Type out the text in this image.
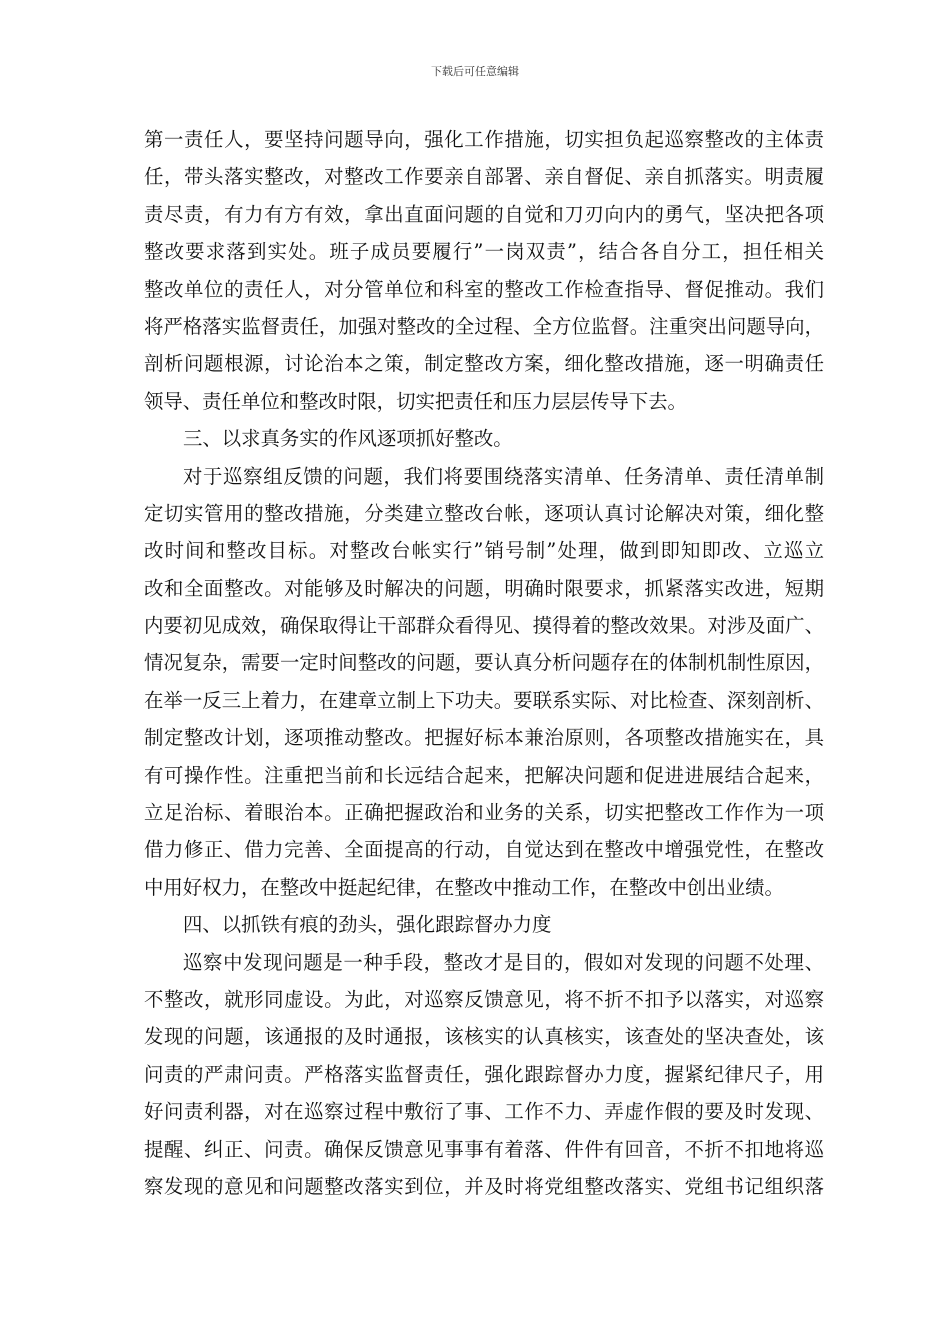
下载后可任意编辑
第一责任人，要坚持问题导向，强化工作措施，切实担负起巡察整改的主体责
任，带头落实整改，对整改工作要亲自部署、亲自督促、亲自抓落实。明责履
责尽责，有力有方有效，拿出直面问题的自觉和刀刃向内的勇气，坚决把各项
整改要求落到实处。班子成员要履行”一岗双责”，结合各自分工，担任相关
整改单位的责任人，对分管单位和科室的整改工作检查指导、督促推动。我们
将严格落实监督责任，加强对整改的全过程、全方位监督。注重突出问题导向，
剖析问题根源，讨论治本之策，制定整改方案，细化整改措施，逐一明确责任
领导、责任单位和整改时限，切实把责任和压力层层传导下去。
三、以求真务实的作风逐项抓好整改。
对于巡察组反馈的问题，我们将要围绕落实清单、任务清单、责任清单制
定切实管用的整改措施，分类建立整改台帐，逐项认真讨论解决对策，细化整
改时间和整改目标。对整改台帐实行”销号制”处理，做到即知即改、立巡立
改和全面整改。对能够及时解决的问题，明确时限要求，抓紧落实改进，短期
内要初见成效，确保取得让干部群众看得见、摸得着的整改效果。对涉及面广、
情况复杂，需要一定时间整改的问题，要认真分析问题存在的体制机制性原因，
在举一反三上着力，在建章立制上下功夫。要联系实际、对比检查、深刻剖析、
制定整改计划，逐项推动整改。把握好标本兼治原则，各项整改措施实在，具
有可操作性。注重把当前和长远结合起来，把解决问题和促进进展结合起来，
立足治标、着眼治本。正确把握政治和业务的关系，切实把整改工作作为一项
借力修正、借力完善、全面提高的行动，自觉达到在整改中增强党性，在整改
中用好权力，在整改中挺起纪律，在整改中推动工作，在整改中创出业绩。
四、以抓铁有痕的劲头，强化跟踪督办力度
巡察中发现问题是一种手段，整改才是目的，假如对发现的问题不处理、
不整改，就形同虚设。为此，对巡察反馈意见，将不折不扣予以落实，对巡察
发现的问题，该通报的及时通报，该核实的认真核实，该查处的坚决查处，该
问责的严肃问责。严格落实监督责任，强化跟踪督办力度，握紧纪律尺子，用
好问责利器，对在巡察过程中敷衍了事、工作不力、弄虚作假的要及时发现、
提醒、纠正、问责。确保反馈意见事事有着落、件件有回音，不折不扣地将巡
察发现的意见和问题整改落实到位，并及时将党组整改落实、党组书记组织落
